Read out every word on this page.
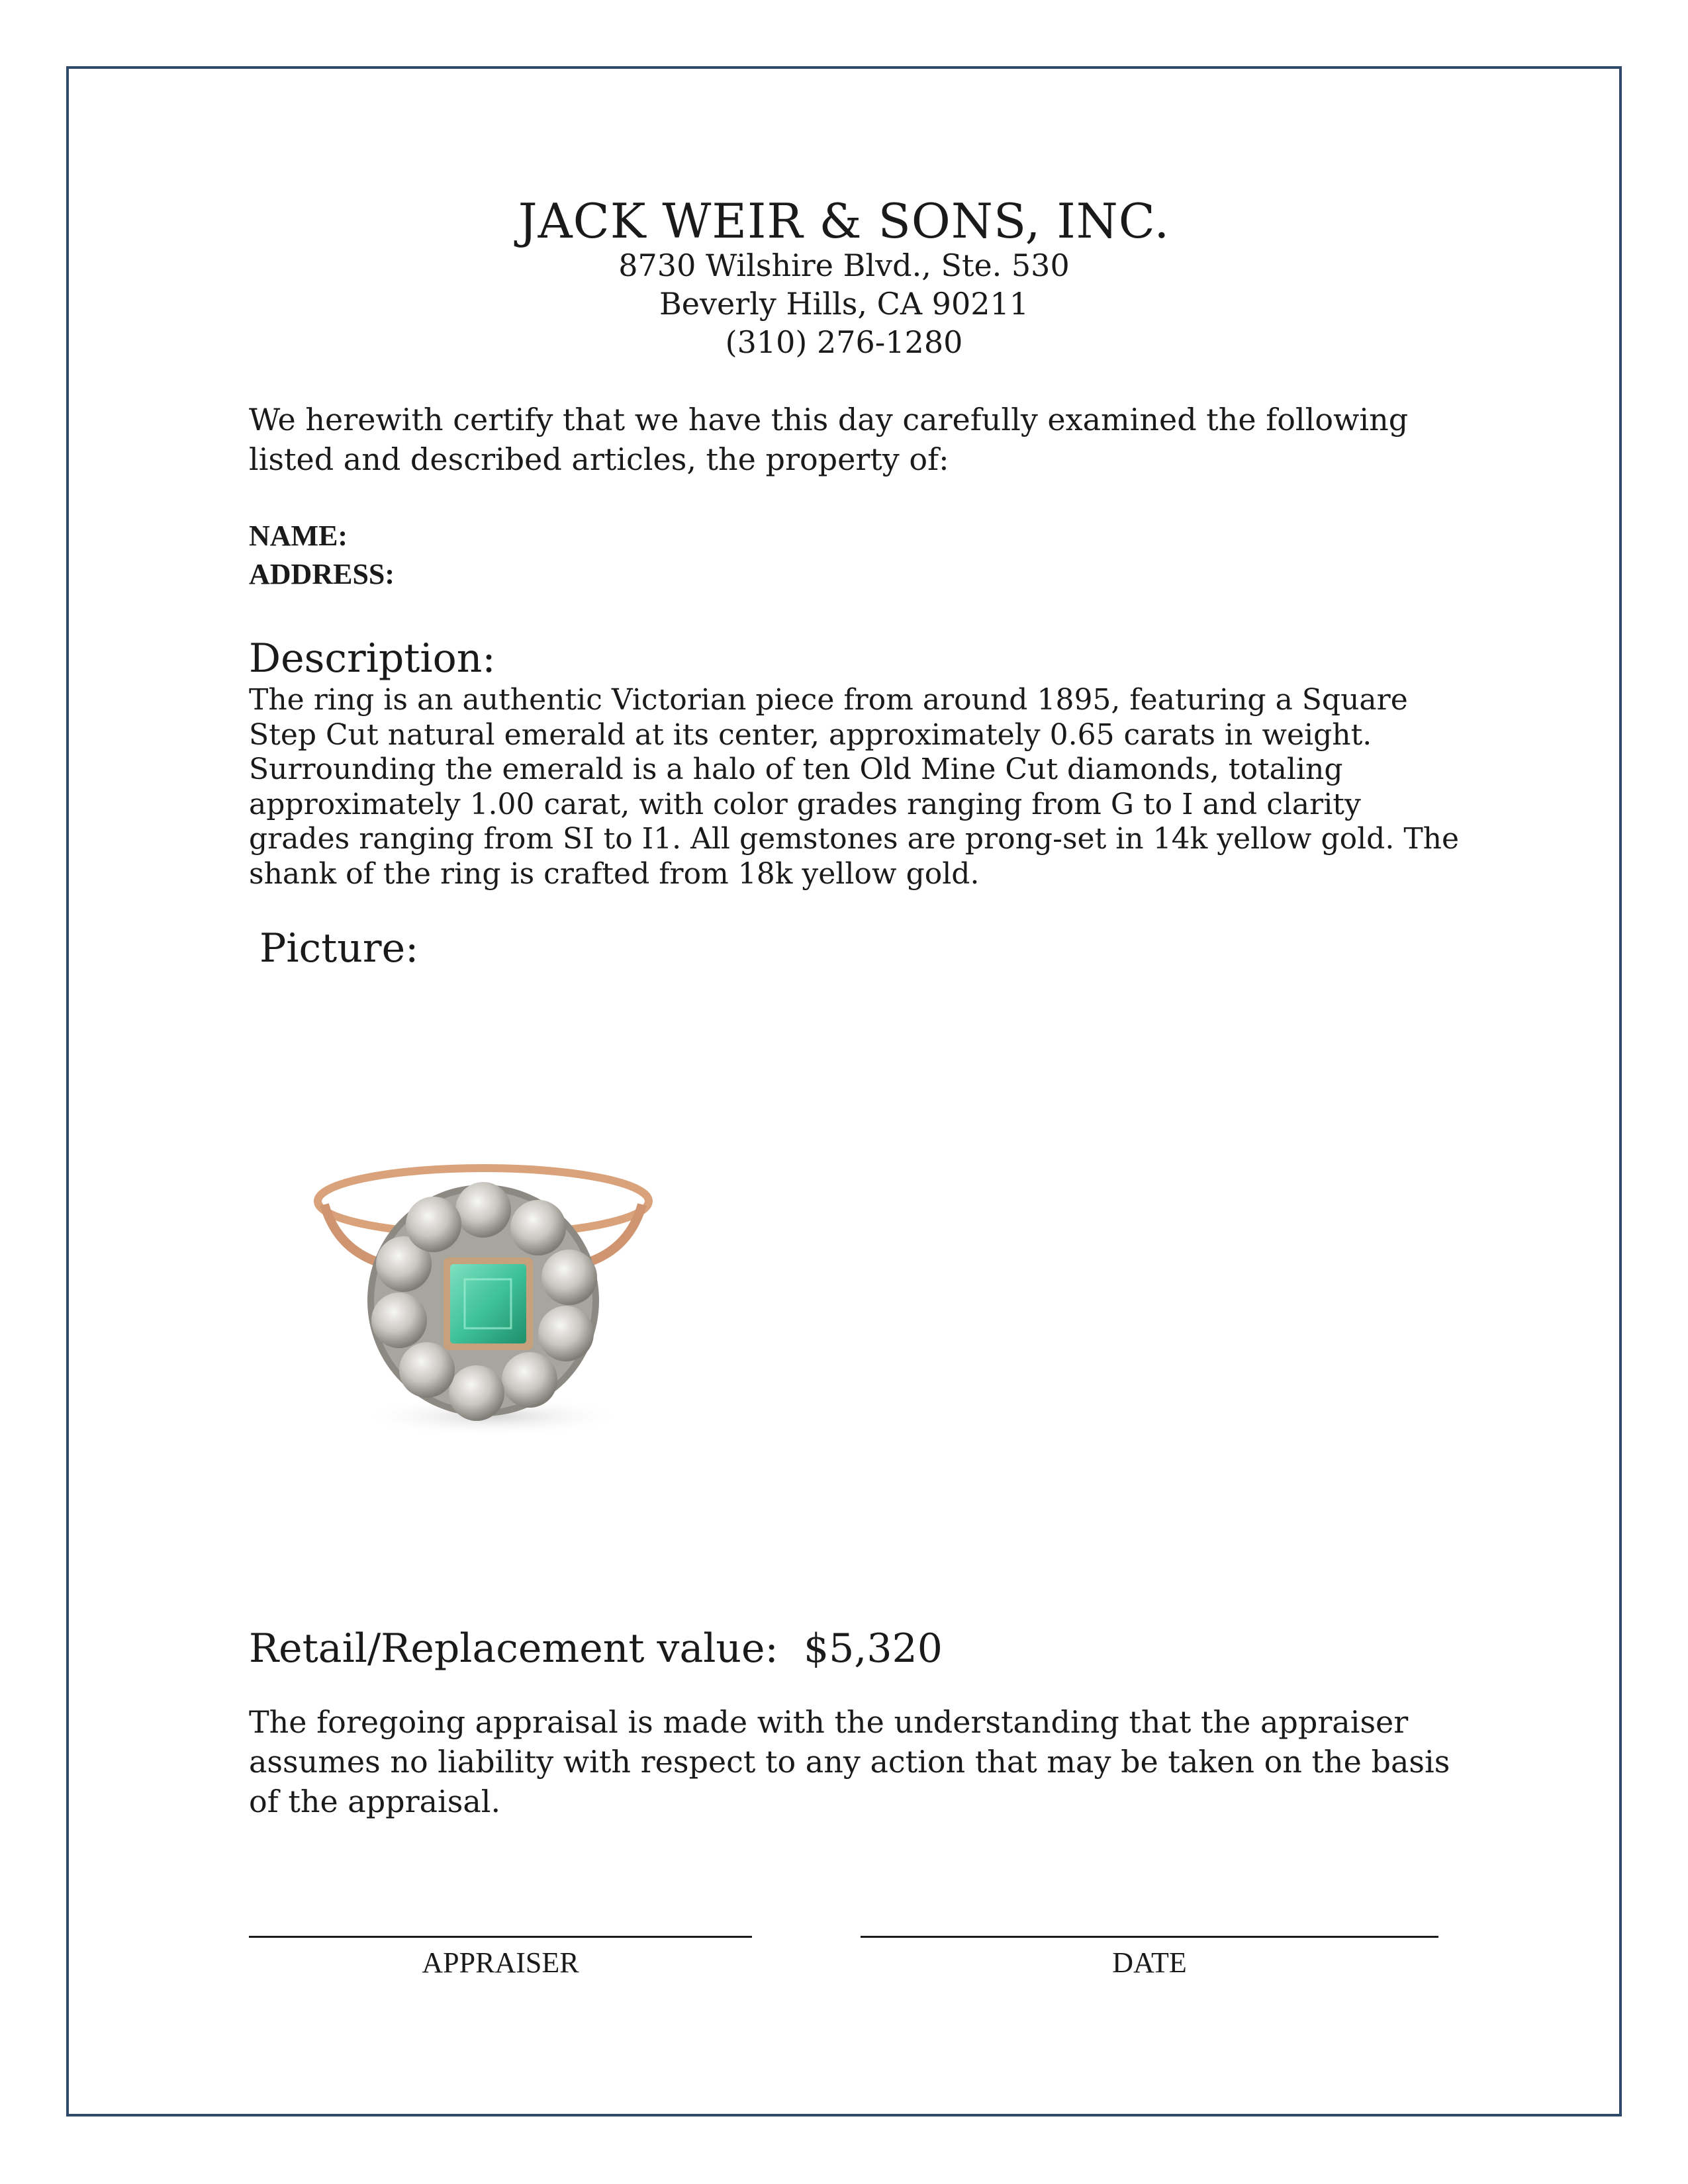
JACK WEIR & SONS, INC.
8730 Wilshire Blvd., Ste. 530
Beverly Hills, CA 90211
(310) 276-1280
We herewith certify that we have this day carefully examined the following listed and described articles, the property of:
NAME:
ADDRESS:
Description:
The ring is an authentic Victorian piece from around 1895, featuring a Square Step Cut natural emerald at its center, approximately 0.65 carats in weight. Surrounding the emerald is a halo of ten Old Mine Cut diamonds, totaling approximately 1.00 carat, with color grades ranging from G to I and clarity grades ranging from SI to I1. All gemstones are prong-set in 14k yellow gold. The shank of the ring is crafted from 18k yellow gold.
Picture:
Retail/Replacement value: $5,320
The foregoing appraisal is made with the understanding that the appraiser assumes no liability with respect to any action that may be taken on the basis of the appraisal.
APPRAISER	DATE
